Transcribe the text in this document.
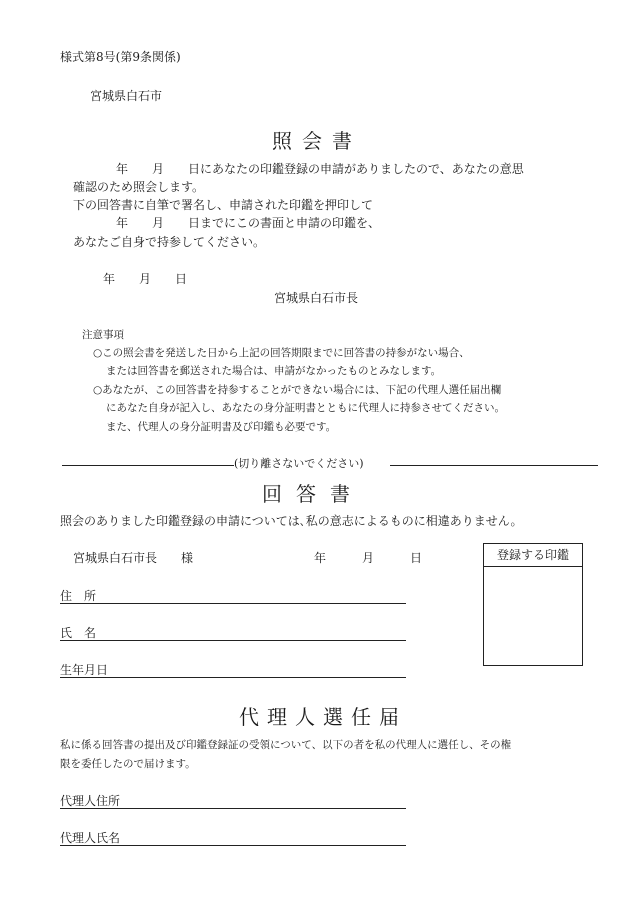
様式第8号(第9条関係)
宮城県白石市
照会書
年　　月　　日にあなたの印鑑登録の申請がありましたので、あなたの意思
確認のため照会します。
下の回答書に自筆で署名し、申請された印鑑を押印して
年　　月　　日までにこの書面と申請の印鑑を、
あなたご自身で持参してください。
年　　月　　日
宮城県白石市長
注意事項
○この照会書を発送した日から上記の回答期限までに回答書の持参がない場合、
または回答書を郵送された場合は、申請がなかったものとみなします。
○あなたが、この回答書を持参することができない場合には、下記の代理人選任届出欄
にあなた自身が記入し、あなたの身分証明書とともに代理人に持参させてください。
また、代理人の身分証明書及び印鑑も必要です。
(切り離さないでください)
回答書
照会のありました印鑑登録の申請については､私の意志によるものに相違ありません。
宮城県白石市長　　様	年　　　月　　　日	登録する印鑑
住　所
氏　名
生年月日
代理人選任届
私に係る回答書の提出及び印鑑登録証の受領について、以下の者を私の代理人に選任し、その権
限を委任したので届けます。
代理人住所
代理人氏名
